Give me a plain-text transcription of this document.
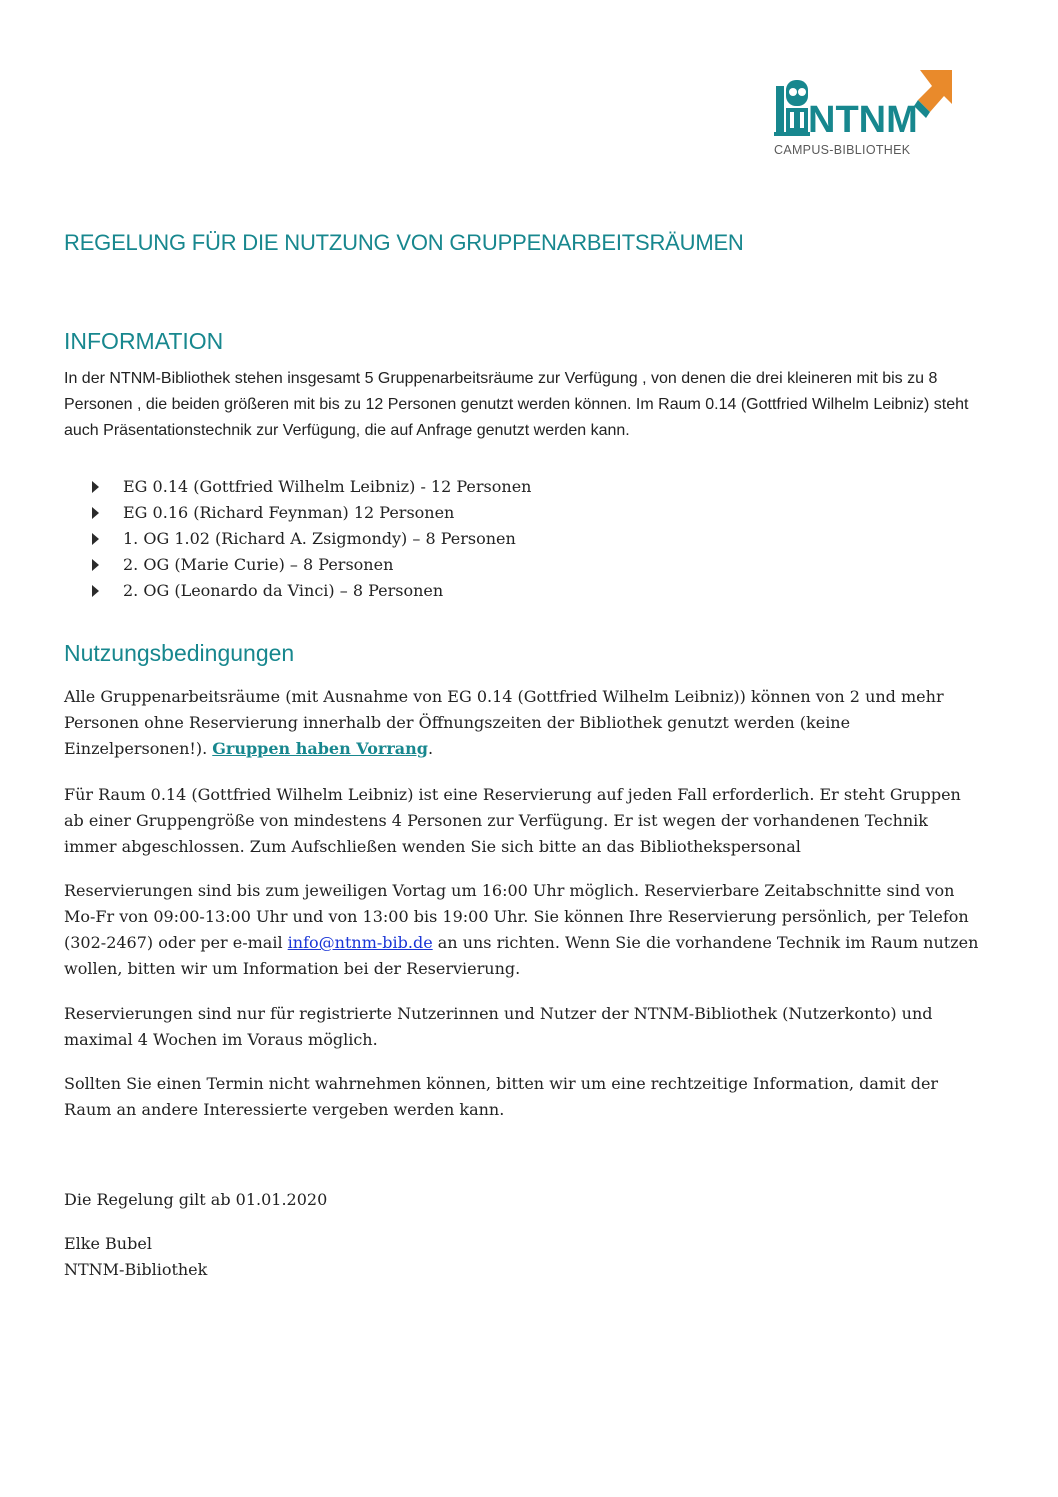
NTNM
CAMPUS-BIBLIOTHEK
REGELUNG FÜR DIE NUTZUNG VON GRUPPENARBEITSRÄUMEN
INFORMATION

In der NTNM-Bibliothek stehen insgesamt 5 Gruppenarbeitsräume zur Verfügung , von denen die drei kleineren mit bis zu 8 Personen , die beiden größeren mit bis zu 12 Personen genutzt werden können. Im Raum 0.14 (Gottfried Wilhelm Leibniz) steht auch Präsentationstechnik zur Verfügung, die auf Anfrage genutzt werden kann.

EG 0.14 (Gottfried Wilhelm Leibniz) - 12 Personen
EG 0.16 (Richard Feynman) 12 Personen
1. OG 1.02 (Richard A. Zsigmondy) – 8 Personen
2. OG (Marie Curie) – 8 Personen
2. OG (Leonardo da Vinci) – 8 Personen
Nutzungsbedingungen

Alle Gruppenarbeitsräume (mit Ausnahme von EG 0.14 (Gottfried Wilhelm Leibniz)) können von 2 und mehr Personen ohne Reservierung innerhalb der Öffnungszeiten der Bibliothek genutzt werden (keine Einzelpersonen!). Gruppen haben Vorrang.

Für Raum 0.14 (Gottfried Wilhelm Leibniz) ist eine Reservierung auf jeden Fall erforderlich. Er steht Gruppen ab einer Gruppengröße von mindestens 4 Personen zur Verfügung. Er ist wegen der vorhandenen Technik immer abgeschlossen. Zum Aufschließen wenden Sie sich bitte an das Bibliothekspersonal

Reservierungen sind bis zum jeweiligen Vortag um 16:00 Uhr möglich. Reservierbare Zeitabschnitte sind von Mo-Fr von 09:00-13:00 Uhr und von 13:00 bis 19:00 Uhr. Sie können Ihre Reservierung persönlich, per Telefon (302-2467) oder per e-mail info@ntnm-bib.de an uns richten. Wenn Sie die vorhandene Technik im Raum nutzen wollen, bitten wir um Information bei der Reservierung.

Reservierungen sind nur für registrierte Nutzerinnen und Nutzer der NTNM-Bibliothek (Nutzerkonto) und maximal 4 Wochen im Voraus möglich.

Sollten Sie einen Termin nicht wahrnehmen können, bitten wir um eine rechtzeitige Information, damit der Raum an andere Interessierte vergeben werden kann.

Die Regelung gilt ab 01.01.2020

Elke Bubel

NTNM-Bibliothek
